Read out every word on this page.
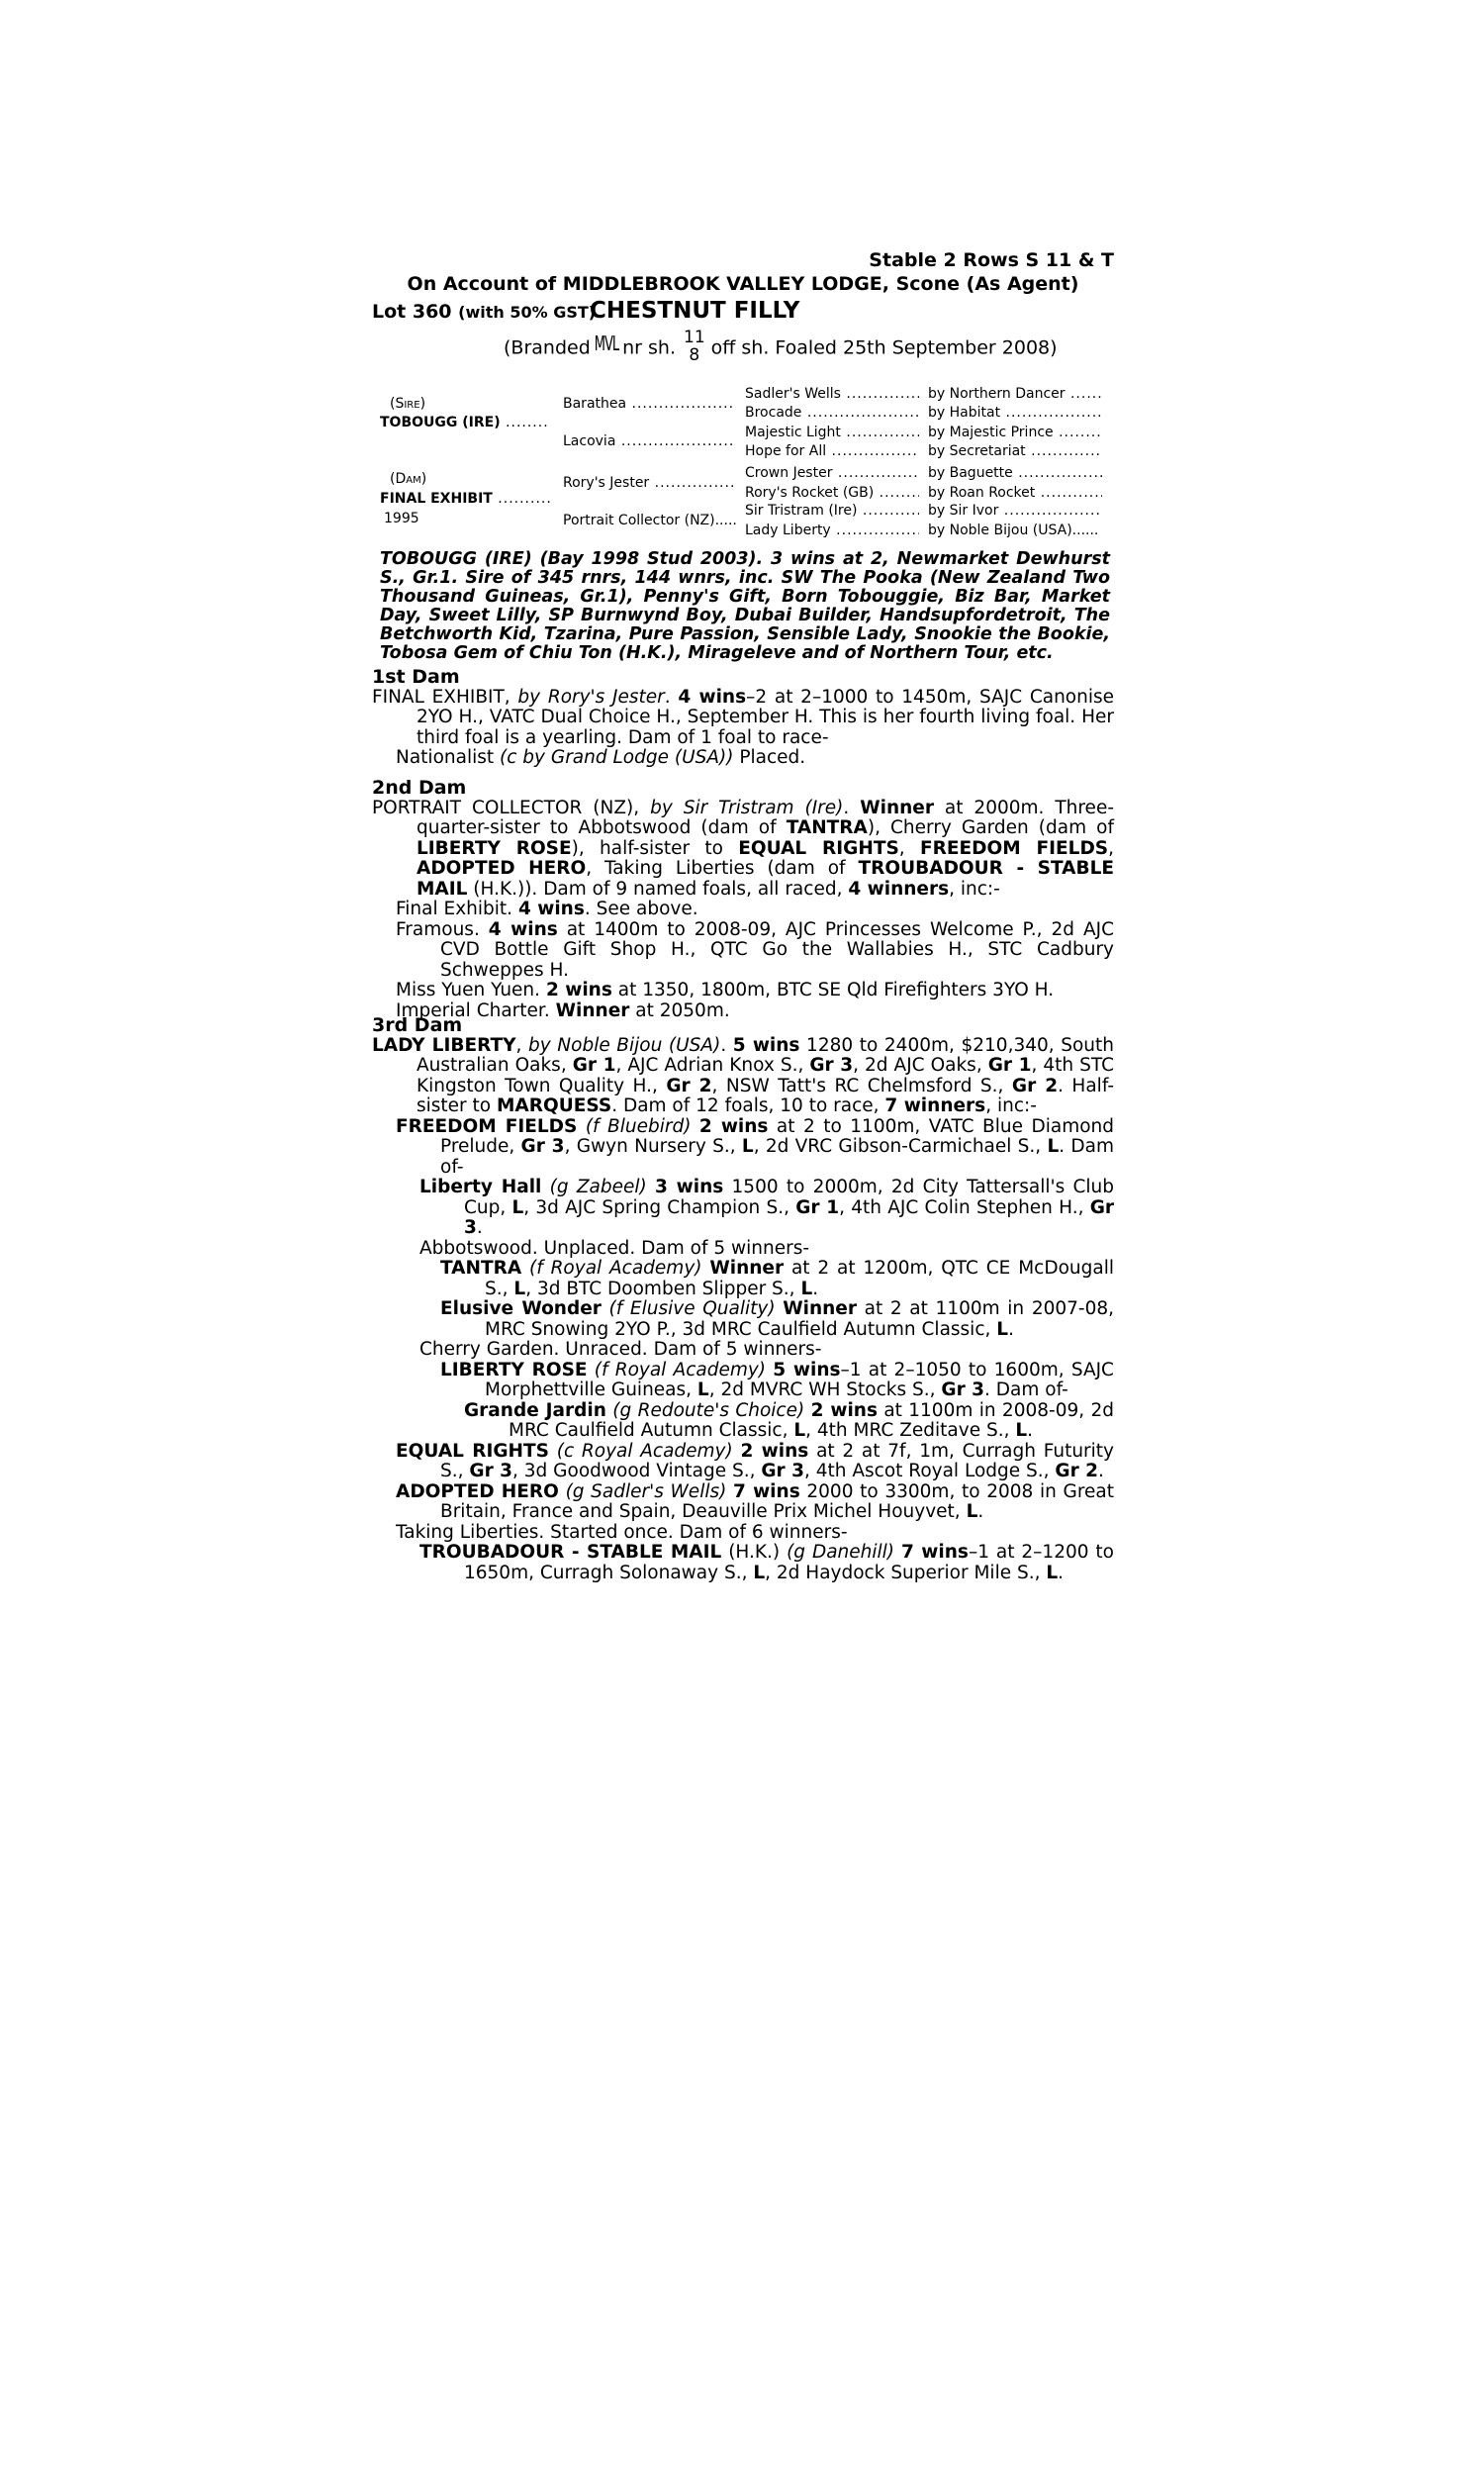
Stable 2 Rows S 11 & T
On Account of MIDDLEBROOK VALLEY LODGE, Scone (As Agent)
Lot 360 (with 50% GST)
CHESTNUT FILLY
(Branded MVL nr sh. 11
8 off sh. Foaled 25th September 2008)
(Sire)
TOBOUGG (IRE) .....
(Dam)
FINAL EXHIBIT .....
1995
Barathea .....
Lacovia .....
Rory's Jester .....
Portrait Collector (NZ).....
Sadler's Wells .....
Brocade .....
Majestic Light .....
Hope for All .....
Crown Jester .....
Rory's Rocket (GB) .....
Sir Tristram (Ire) .....
Lady Liberty .....
by Northern Dancer .....
by Habitat .....
by Majestic Prince .....
by Secretariat .....
by Baguette .....
by Roan Rocket .....
by Sir Ivor .....
by Noble Bijou (USA)......
TOBOUGG (IRE) (Bay 1998 Stud 2003). 3 wins at 2, Newmarket Dewhurst S., Gr.1. Sire of 345 rnrs, 144 wnrs, inc. SW The Pooka (New Zealand Two Thousand Guineas, Gr.1), Penny's Gift, Born Tobouggie, Biz Bar, Market Day, Sweet Lilly, SP Burnwynd Boy, Dubai Builder, Handsupfordetroit, The Betchworth Kid, Tzarina, Pure Passion, Sensible Lady, Snookie the Bookie, Tobosa Gem of Chiu Ton (H.K.), Mirageleve and of Northern Tour, etc.
1st Dam
FINAL EXHIBIT, by Rory's Jester. 4 wins–2 at 2–1000 to 1450m, SAJC Canonise 2YO H., VATC Dual Choice H., September H. This is her fourth living foal. Her third foal is a yearling. Dam of 1 foal to race-
Nationalist (c by Grand Lodge (USA)) Placed.
2nd Dam
PORTRAIT COLLECTOR (NZ), by Sir Tristram (Ire). Winner at 2000m. Three-quarter-sister to Abbotswood (dam of TANTRA), Cherry Garden (dam of LIBERTY ROSE), half-sister to EQUAL RIGHTS, FREEDOM FIELDS, ADOPTED HERO, Taking Liberties (dam of TROUBADOUR - STABLE MAIL (H.K.)). Dam of 9 named foals, all raced, 4 winners, inc:-
Final Exhibit. 4 wins. See above.
Framous. 4 wins at 1400m to 2008-09, AJC Princesses Welcome P., 2d AJC CVD Bottle Gift Shop H., QTC Go the Wallabies H., STC Cadbury Schweppes H.
Miss Yuen Yuen. 2 wins at 1350, 1800m, BTC SE Qld Firefighters 3YO H.
Imperial Charter. Winner at 2050m.
3rd Dam
LADY LIBERTY, by Noble Bijou (USA). 5 wins 1280 to 2400m, $210,340, South Australian Oaks, Gr 1, AJC Adrian Knox S., Gr 3, 2d AJC Oaks, Gr 1, 4th STC Kingston Town Quality H., Gr 2, NSW Tatt's RC Chelmsford S., Gr 2. Half-sister to MARQUESS. Dam of 12 foals, 10 to race, 7 winners, inc:-
FREEDOM FIELDS (f Bluebird) 2 wins at 2 to 1100m, VATC Blue Diamond Prelude, Gr 3, Gwyn Nursery S., L, 2d VRC Gibson-Carmichael S., L. Dam of-
Liberty Hall (g Zabeel) 3 wins 1500 to 2000m, 2d City Tattersall's Club Cup, L, 3d AJC Spring Champion S., Gr 1, 4th AJC Colin Stephen H., Gr 3.
Abbotswood. Unplaced. Dam of 5 winners-
TANTRA (f Royal Academy) Winner at 2 at 1200m, QTC CE McDougall S., L, 3d BTC Doomben Slipper S., L.
Elusive Wonder (f Elusive Quality) Winner at 2 at 1100m in 2007-08, MRC Snowing 2YO P., 3d MRC Caulfield Autumn Classic, L.
Cherry Garden. Unraced. Dam of 5 winners-
LIBERTY ROSE (f Royal Academy) 5 wins–1 at 2–1050 to 1600m, SAJC Morphettville Guineas, L, 2d MVRC WH Stocks S., Gr 3. Dam of-
Grande Jardin (g Redoute's Choice) 2 wins at 1100m in 2008-09, 2d MRC Caulfield Autumn Classic, L, 4th MRC Zeditave S., L.
EQUAL RIGHTS (c Royal Academy) 2 wins at 2 at 7f, 1m, Curragh Futurity S., Gr 3, 3d Goodwood Vintage S., Gr 3, 4th Ascot Royal Lodge S., Gr 2.
ADOPTED HERO (g Sadler's Wells) 7 wins 2000 to 3300m, to 2008 in Great Britain, France and Spain, Deauville Prix Michel Houyvet, L.
Taking Liberties. Started once. Dam of 6 winners-
TROUBADOUR - STABLE MAIL (H.K.) (g Danehill) 7 wins–1 at 2–1200 to 1650m, Curragh Solonaway S., L, 2d Haydock Superior Mile S., L.
